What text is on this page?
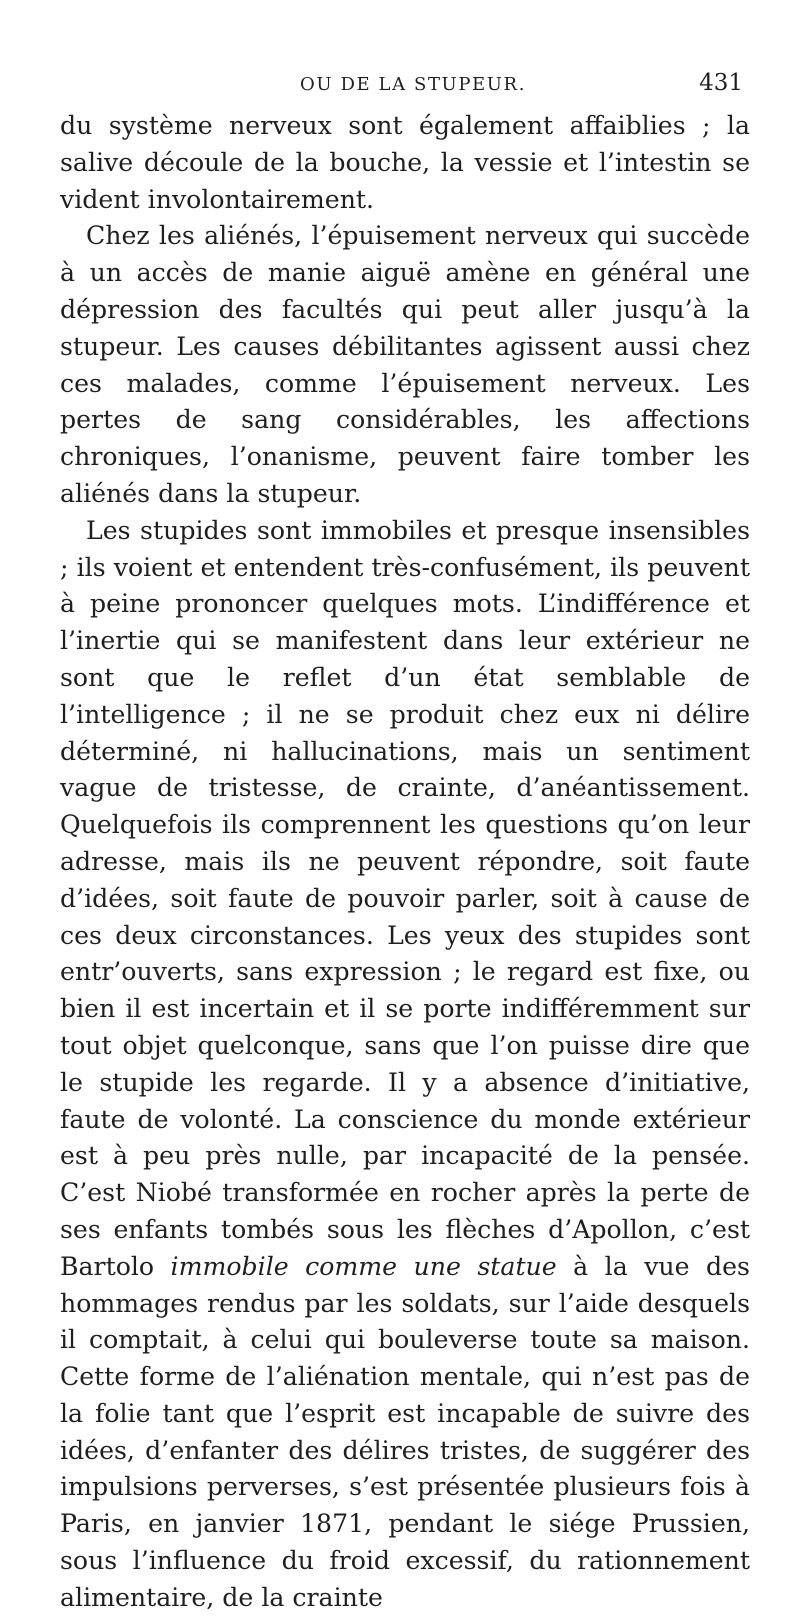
OU DE LA STUPEUR.	431

du système nerveux sont également affaiblies ; la salive découle de la bouche, la vessie et l’intestin se vident involontairement.

Chez les aliénés, l’épuisement nerveux qui succède à un accès de manie aiguë amène en général une dépression des facultés qui peut aller jusqu’à la stupeur. Les causes débilitantes agissent aussi chez ces malades, comme l’épuisement nerveux. Les pertes de sang considérables, les affections chroniques, l’onanisme, peuvent faire tomber les aliénés dans la stupeur.

Les stupides sont immobiles et presque insensibles ; ils voient et entendent très-confusément, ils peuvent à peine prononcer quelques mots. L’indifférence et l’inertie qui se manifestent dans leur extérieur ne sont que le reflet d’un état semblable de l’intelligence ; il ne se produit chez eux ni délire déterminé, ni hallucinations, mais un sentiment vague de tristesse, de crainte, d’anéantissement. Quelquefois ils comprennent les questions qu’on leur adresse, mais ils ne peuvent répondre, soit faute d’idées, soit faute de pouvoir parler, soit à cause de ces deux circonstances. Les yeux des stupides sont entr’ouverts, sans expression ; le regard est fixe, ou bien il est incertain et il se porte indifféremment sur tout objet quelconque, sans que l’on puisse dire que le stupide les regarde. Il y a absence d’initiative, faute de volonté. La conscience du monde extérieur est à peu près nulle, par incapacité de la pensée. C’est Niobé transformée en rocher après la perte de ses enfants tombés sous les flèches d’Apollon, c’est Bartolo immobile comme une statue à la vue des hommages rendus par les soldats, sur l’aide desquels il comptait, à celui qui bouleverse toute sa maison. Cette forme de l’aliénation mentale, qui n’est pas de la folie tant que l’esprit est incapable de suivre des idées, d’enfanter des délires tristes, de suggérer des impulsions perverses, s’est présentée plusieurs fois à Paris, en janvier 1871, pendant le siége Prussien, sous l’influence du froid excessif, du rationnement alimentaire, de la crainte
